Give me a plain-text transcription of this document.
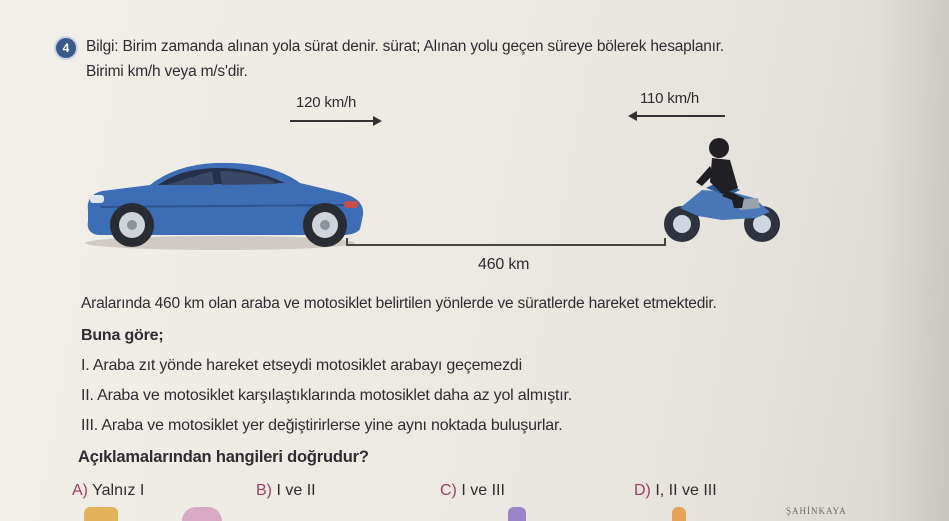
4	Bilgi: Birim zamanda alınan yola sürat denir. sürat; Alınan yolu geçen süreye bölerek hesaplanır.
Birimi km/h veya m/s'dir.
120 km/h	110 km/h
460 km
Aralarında 460 km olan araba ve motosiklet belirtilen yönlerde ve süratlerde hareket etmektedir.
Buna göre;
I. Araba zıt yönde hareket etseydi motosiklet arabayı geçemezdi
II. Araba ve motosiklet karşılaştıklarında motosiklet daha az yol almıştır.
III. Araba ve motosiklet yer değiştirirlerse yine aynı noktada buluşurlar.
Açıklamalarından hangileri doğrudur?
A) Yalnız I	B) I ve II	C) I ve III	D) I, II ve III
ŞAHİNKAYA
